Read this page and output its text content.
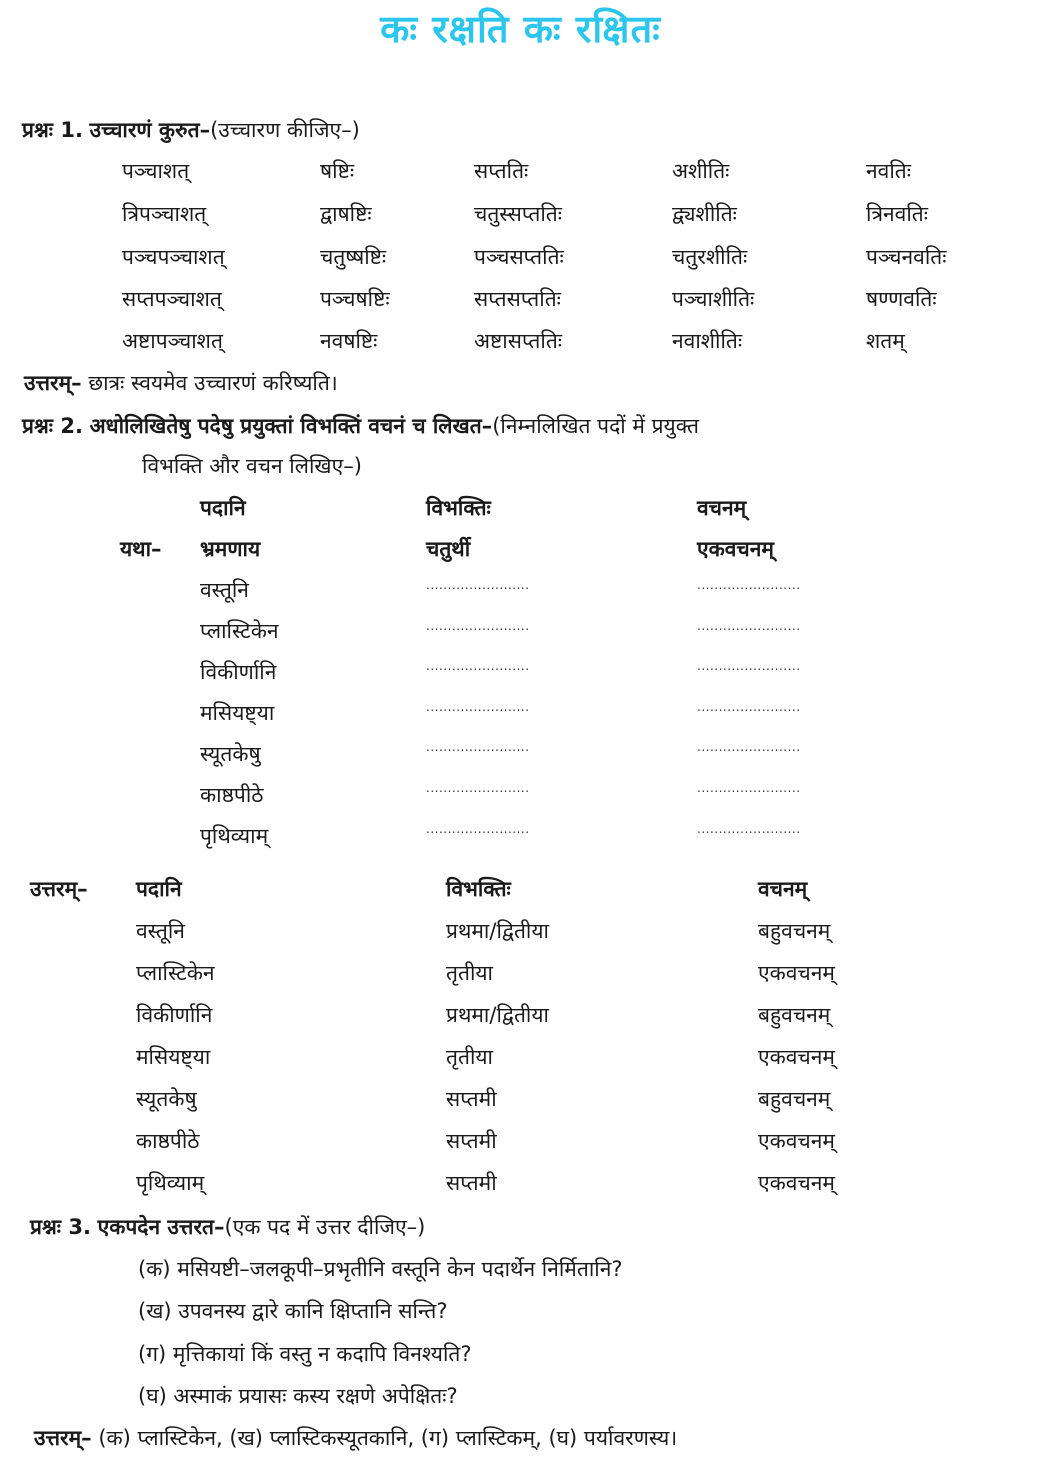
कः रक्षति कः रक्षितः
प्रश्नः 1. उच्चारणं कुरुत–(उच्चारण कीजिए–)
पञ्चाशत्	षष्टिः	सप्ततिः	अशीतिः	नवतिः
त्रिपञ्चाशत्	द्वाषष्टिः	चतुस्सप्ततिः	द्व्यशीतिः	त्रिनवतिः
पञ्चपञ्चाशत्	चतुष्षष्टिः	पञ्चसप्ततिः	चतुरशीतिः	पञ्चनवतिः
सप्तपञ्चाशत्	पञ्चषष्टिः	सप्तसप्ततिः	पञ्चाशीतिः	षण्णवतिः
अष्टापञ्चाशत्	नवषष्टिः	अष्टासप्ततिः	नवाशीतिः	शतम्
उत्तरम्– छात्रः स्वयमेव उच्चारणं करिष्यति।
प्रश्नः 2. अधोलिखितेषु पदेषु प्रयुक्तां विभक्तिं वचनं च लिखत–(निम्नलिखित पदों में प्रयुक्त
विभक्ति और वचन लिखिए–)
पदानि	विभक्तिः	वचनम्
यथा– भ्रमणाय	चतुर्थी	एकवचनम्
वस्तूनि	........................	........................
प्लास्टिकेन	........................	........................
विकीर्णानि	........................	........................
मसियष्ट्या	........................	........................
स्यूतकेषु	........................	........................
काष्ठपीठे	........................	........................
पृथिव्याम्	........................	........................
उत्तरम्– पदानि	विभक्तिः	वचनम्
वस्तूनि	प्रथमा/द्वितीया	बहुवचनम्
प्लास्टिकेन	तृतीया	एकवचनम्
विकीर्णानि	प्रथमा/द्वितीया	बहुवचनम्
मसियष्ट्या	तृतीया	एकवचनम्
स्यूतकेषु	सप्तमी	बहुवचनम्
काष्ठपीठे	सप्तमी	एकवचनम्
पृथिव्याम्	सप्तमी	एकवचनम्
प्रश्नः 3. एकपदेन उत्तरत–(एक पद में उत्तर दीजिए–)
(क) मसियष्टी–जलकूपी–प्रभृतीनि वस्तूनि केन पदार्थेन निर्मितानि?
(ख) उपवनस्य द्वारे कानि क्षिप्तानि सन्ति?
(ग) मृत्तिकायां किं वस्तु न कदापि विनश्यति?
(घ) अस्माकं प्रयासः कस्य रक्षणे अपेक्षितः?
उत्तरम्– (क) प्लास्टिकेन, (ख) प्लास्टिकस्यूतकानि, (ग) प्लास्टिकम्, (घ) पर्यावरणस्य।
